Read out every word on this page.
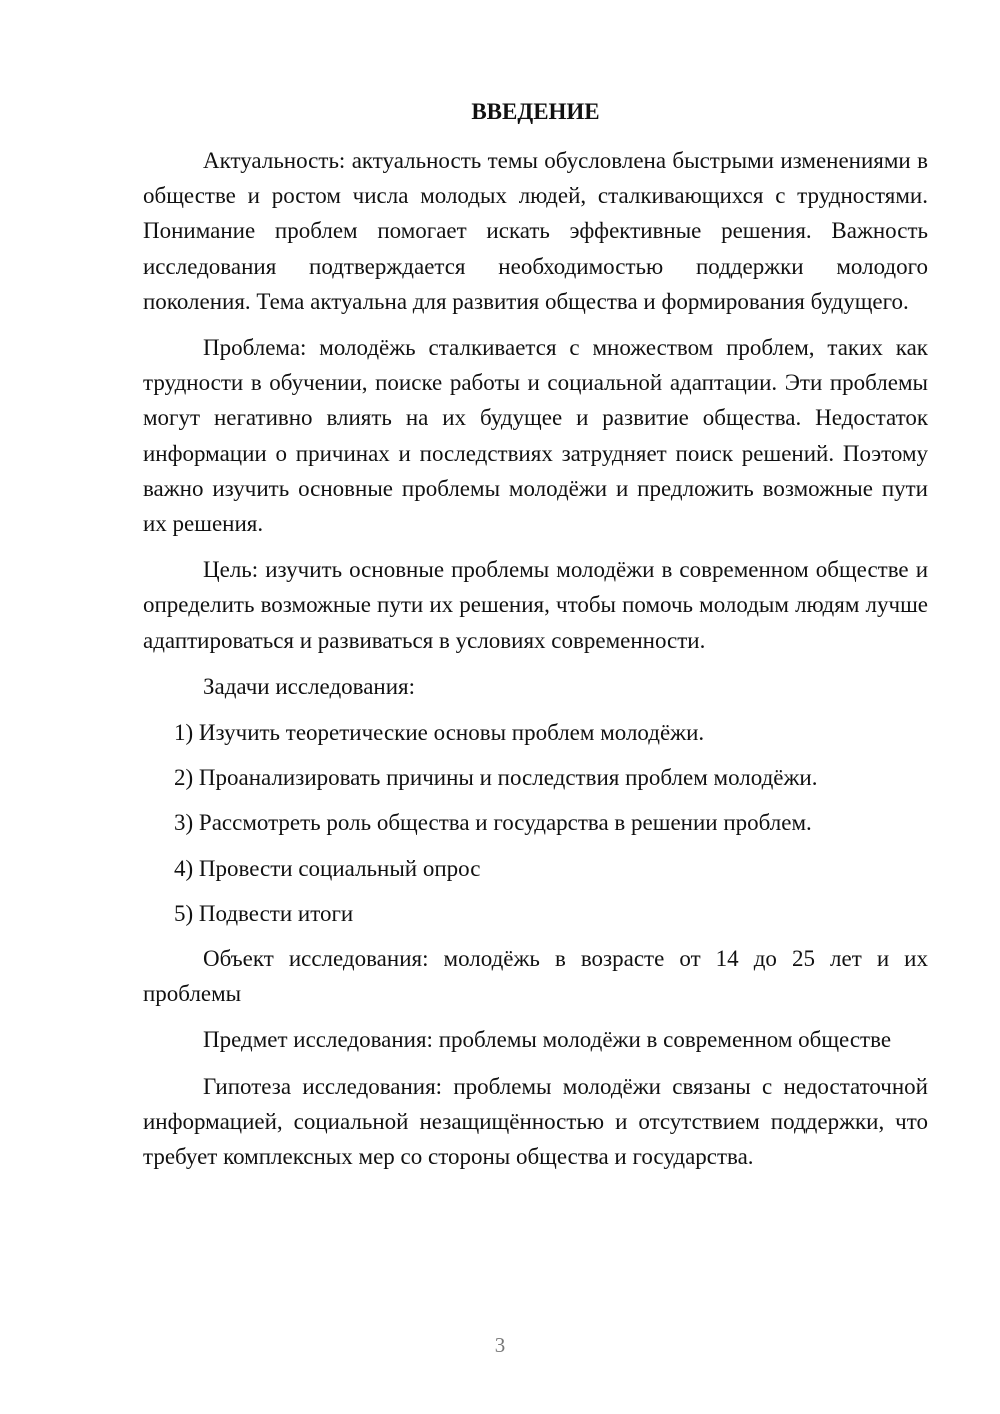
ВВЕДЕНИЕ

Актуальность: актуальность темы обусловлена быстрыми изменениями в обществе и ростом числа молодых людей, сталкивающихся с трудностями. Понимание проблем помогает искать эффективные решения. Важность исследования подтверждается необходимостью поддержки молодого поколения. Тема актуальна для развития общества и формирования будущего.

Проблема: молодёжь сталкивается с множеством проблем, таких как трудности в обучении, поиске работы и социальной адаптации. Эти проблемы могут негативно влиять на их будущее и развитие общества. Недостаток информации о причинах и последствиях затрудняет поиск решений. Поэтому важно изучить основные проблемы молодёжи и предложить возможные пути их решения.

Цель: изучить основные проблемы молодёжи в современном обществе и определить возможные пути их решения, чтобы помочь молодым людям лучше адаптироваться и развиваться в условиях современности.

Задачи исследования:

1) Изучить теоретические основы проблем молодёжи.

2) Проанализировать причины и последствия проблем молодёжи.

3) Рассмотреть роль общества и государства в решении проблем.

4) Провести социальный опрос

5) Подвести итоги

Объект исследования: молодёжь в возрасте от 14 до 25 лет и их проблемы

Предмет исследования: проблемы молодёжи в современном обществе

Гипотеза исследования: проблемы молодёжи связаны с недостаточной информацией, социальной незащищённостью и отсутствием поддержки, что требует комплексных мер со стороны общества и государства.

3
